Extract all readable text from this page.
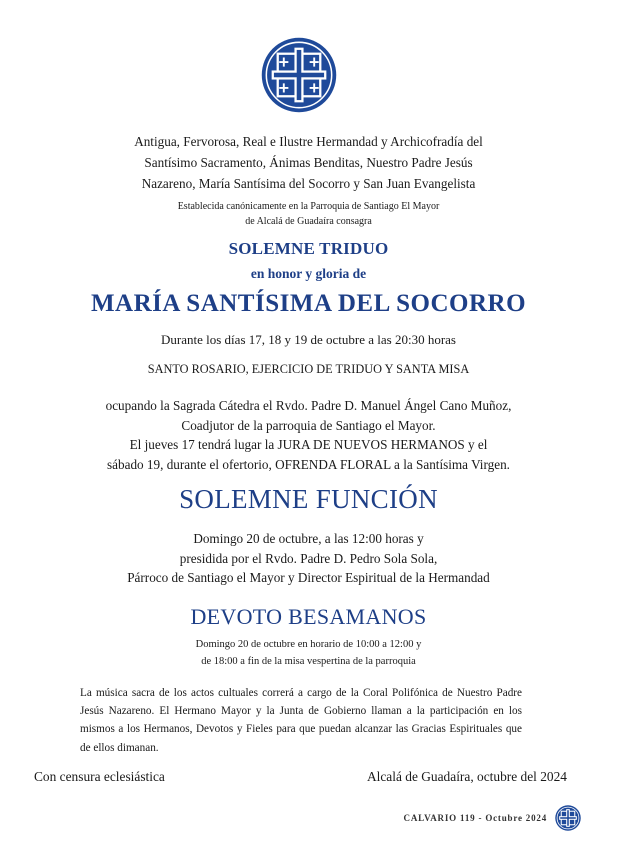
Antigua, Fervorosa, Real e Ilustre Hermandad y Archicofradía del
Santísimo Sacramento, Ánimas Benditas, Nuestro Padre Jesús
Nazareno, María Santísima del Socorro y San Juan Evangelista
Establecida canónicamente en la Parroquia de Santiago El Mayor
de Alcalá de Guadaíra consagra
SOLEMNE TRIDUO
en honor y gloria de
MARÍA SANTÍSIMA DEL SOCORRO
Durante los días 17, 18 y 19 de octubre a las 20:30 horas
SANTO ROSARIO, EJERCICIO DE TRIDUO Y SANTA MISA
ocupando la Sagrada Cátedra el Rvdo. Padre D. Manuel Ángel Cano Muñoz,
Coadjutor de la parroquia de Santiago el Mayor.
El jueves 17 tendrá lugar la JURA DE NUEVOS HERMANOS y el
sábado 19, durante el ofertorio, OFRENDA FLORAL a la Santísima Virgen.
SOLEMNE FUNCIÓN
Domingo 20 de octubre, a las 12:00 horas y
presidida por el Rvdo. Padre D. Pedro Sola Sola,
Párroco de Santiago el Mayor y Director Espiritual de la Hermandad
DEVOTO BESAMANOS
Domingo 20 de octubre en horario de 10:00 a 12:00 y
de 18:00 a fin de la misa vespertina de la parroquia
La música sacra de los actos cultuales correrá a cargo de la Coral Polifónica de Nuestro Padre Jesús Nazareno. El Hermano Mayor y la Junta de Gobierno llaman a la participación en los mismos a los Hermanos, Devotos y Fieles para que puedan alcanzar las Gracias Espirituales que de ellos dimanan.
Con censura eclesiástica	Alcalá de Guadaíra, octubre del 2024
CALVARIO 119 - Octubre 2024
